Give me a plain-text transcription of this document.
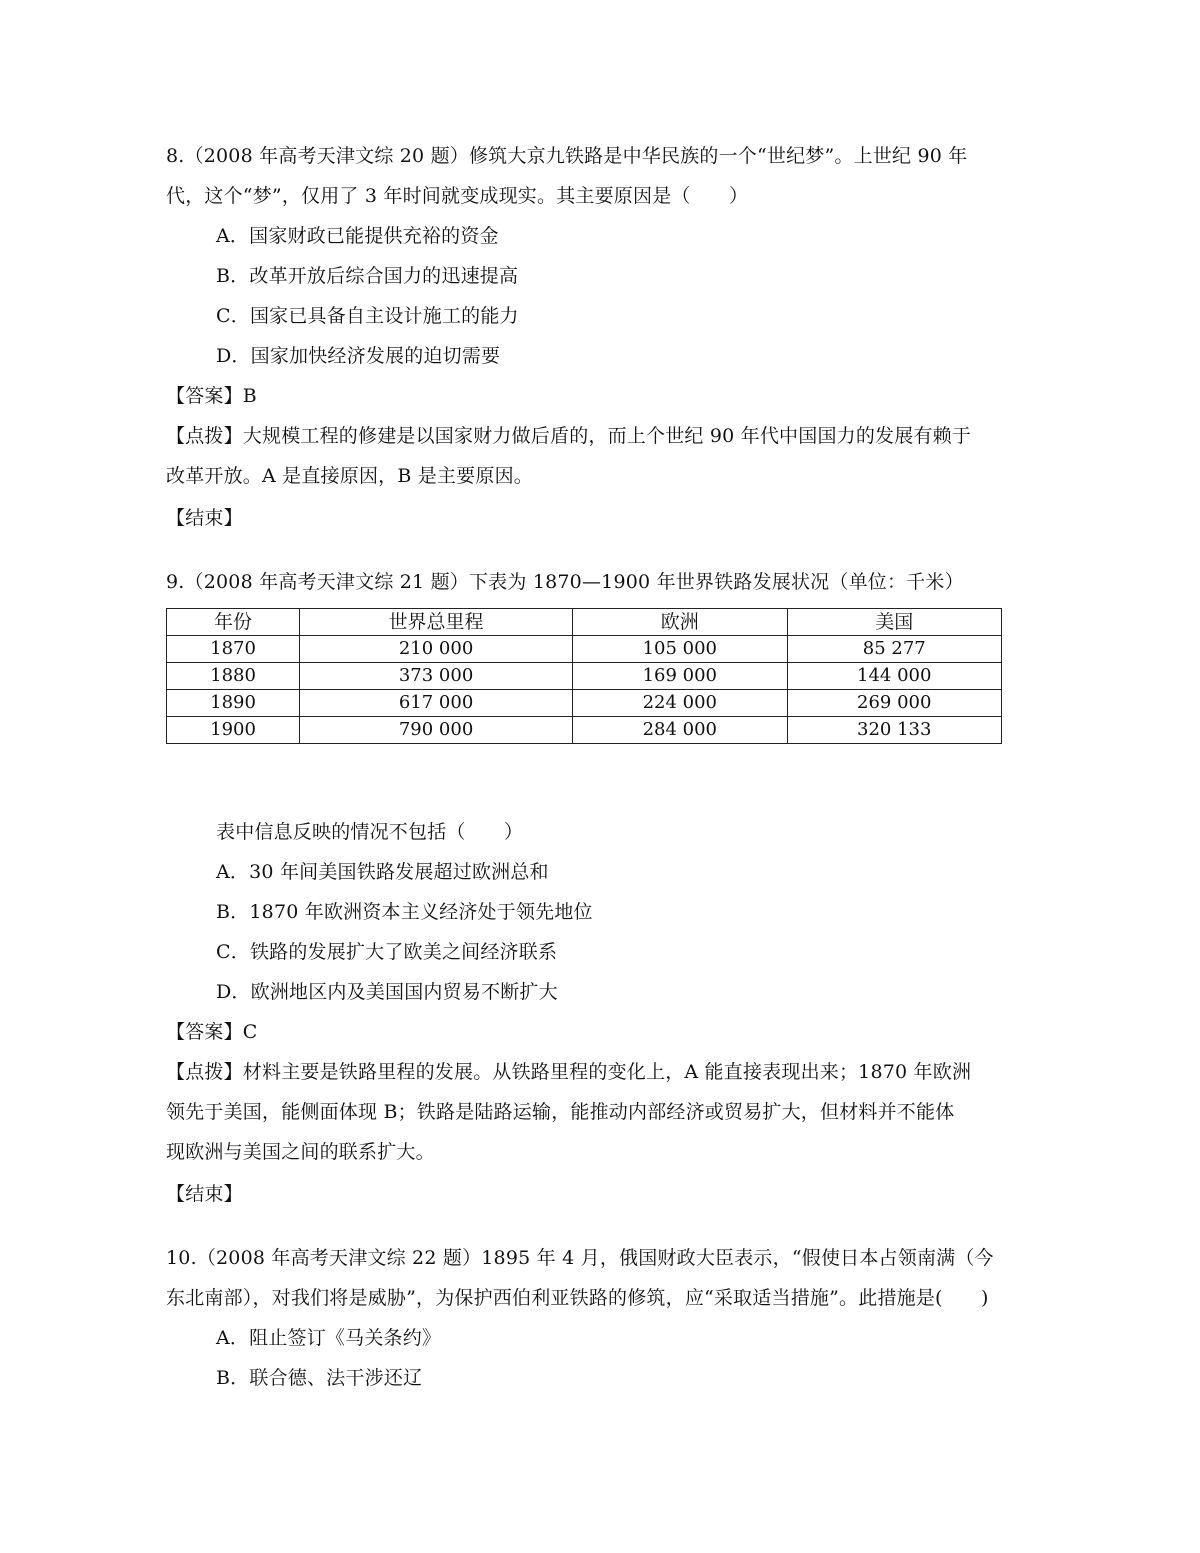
8.（2008 年高考天津文综 20 题）修筑大京九铁路是中华民族的一个“世纪梦”。上世纪 90 年
代，这个“梦”，仅用了 3 年时间就变成现实。其主要原因是（　　）
A．国家财政已能提供充裕的资金
B．改革开放后综合国力的迅速提高
C．国家已具备自主设计施工的能力
D．国家加快经济发展的迫切需要
【答案】B
【点拨】大规模工程的修建是以国家财力做后盾的，而上个世纪 90 年代中国国力的发展有赖于
改革开放。A 是直接原因，B 是主要原因。
【结束】
9.（2008 年高考天津文综 21 题）下表为 1870—1900 年世界铁路发展状况（单位：千米）
年份	世界总里程	欧洲	美国
1870	210 000	105 000	85 277
1880	373 000	169 000	144 000
1890	617 000	224 000	269 000
1900	790 000	284 000	320 133
表中信息反映的情况不包括（　　）
A．30 年间美国铁路发展超过欧洲总和
B．1870 年欧洲资本主义经济处于领先地位
C．铁路的发展扩大了欧美之间经济联系
D．欧洲地区内及美国国内贸易不断扩大
【答案】C
【点拨】材料主要是铁路里程的发展。从铁路里程的变化上，A 能直接表现出来；1870 年欧洲
领先于美国，能侧面体现 B；铁路是陆路运输，能推动内部经济或贸易扩大，但材料并不能体
现欧洲与美国之间的联系扩大。
【结束】
10.（2008 年高考天津文综 22 题）1895 年 4 月，俄国财政大臣表示，“假使日本占领南满（今
东北南部），对我们将是威胁”，为保护西伯利亚铁路的修筑，应“采取适当措施”。此措施是(　　)
A．阻止签订《马关条约》
B．联合德、法干涉还辽
